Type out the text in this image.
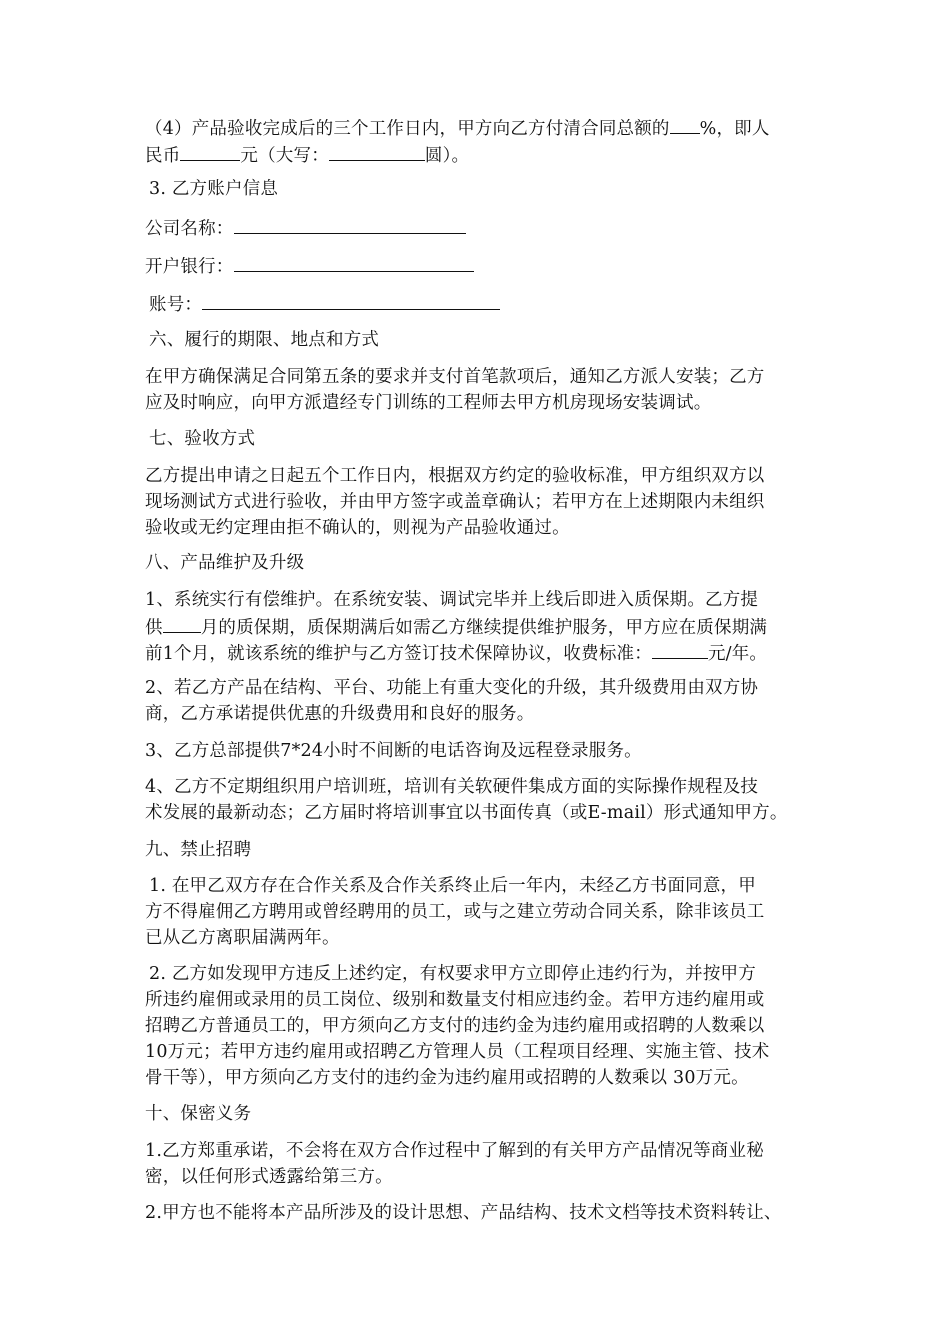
（4）产品验收完成后的三个工作日内，甲方向乙方付清合同总额的 %，即人
民币	元（大写：	圆）。
3. 乙方账户信息
公司名称：
开户银行：
账号：
六、履行的期限、地点和方式
在甲方确保满足合同第五条的要求并支付首笔款项后，通知乙方派人安装；乙方
应及时响应，向甲方派遣经专门训练的工程师去甲方机房现场安装调试。
七、验收方式
乙方提出申请之日起五个工作日内，根据双方约定的验收标准，甲方组织双方以
现场测试方式进行验收，并由甲方签字或盖章确认；若甲方在上述期限内未组织
验收或无约定理由拒不确认的，则视为产品验收通过。
八、产品维护及升级
1、系统实行有偿维护。在系统安装、调试完毕并上线后即进入质保期。乙方提
供 月的质保期，质保期满后如需乙方继续提供维护服务，甲方应在质保期满
前1个月，就该系统的维护与乙方签订技术保障协议，收费标准：	元/年。
2、若乙方产品在结构、平台、功能上有重大变化的升级，其升级费用由双方协
商，乙方承诺提供优惠的升级费用和良好的服务。
3、乙方总部提供7*24小时不间断的电话咨询及远程登录服务。
4、乙方不定期组织用户培训班，培训有关软硬件集成方面的实际操作规程及技
术发展的最新动态；乙方届时将培训事宜以书面传真（或E-mail）形式通知甲方。
九、禁止招聘
1. 在甲乙双方存在合作关系及合作关系终止后一年内，未经乙方书面同意，甲
方不得雇佣乙方聘用或曾经聘用的员工，或与之建立劳动合同关系，除非该员工
已从乙方离职届满两年。
2. 乙方如发现甲方违反上述约定，有权要求甲方立即停止违约行为，并按甲方
所违约雇佣或录用的员工岗位、级别和数量支付相应违约金。若甲方违约雇用或
招聘乙方普通员工的，甲方须向乙方支付的违约金为违约雇用或招聘的人数乘以
10万元；若甲方违约雇用或招聘乙方管理人员（工程项目经理、实施主管、技术
骨干等），甲方须向乙方支付的违约金为违约雇用或招聘的人数乘以 30万元。
十、保密义务
1.乙方郑重承诺，不会将在双方合作过程中了解到的有关甲方产品情况等商业秘
密，以任何形式透露给第三方。
2.甲方也不能将本产品所涉及的设计思想、产品结构、技术文档等技术资料转让、
